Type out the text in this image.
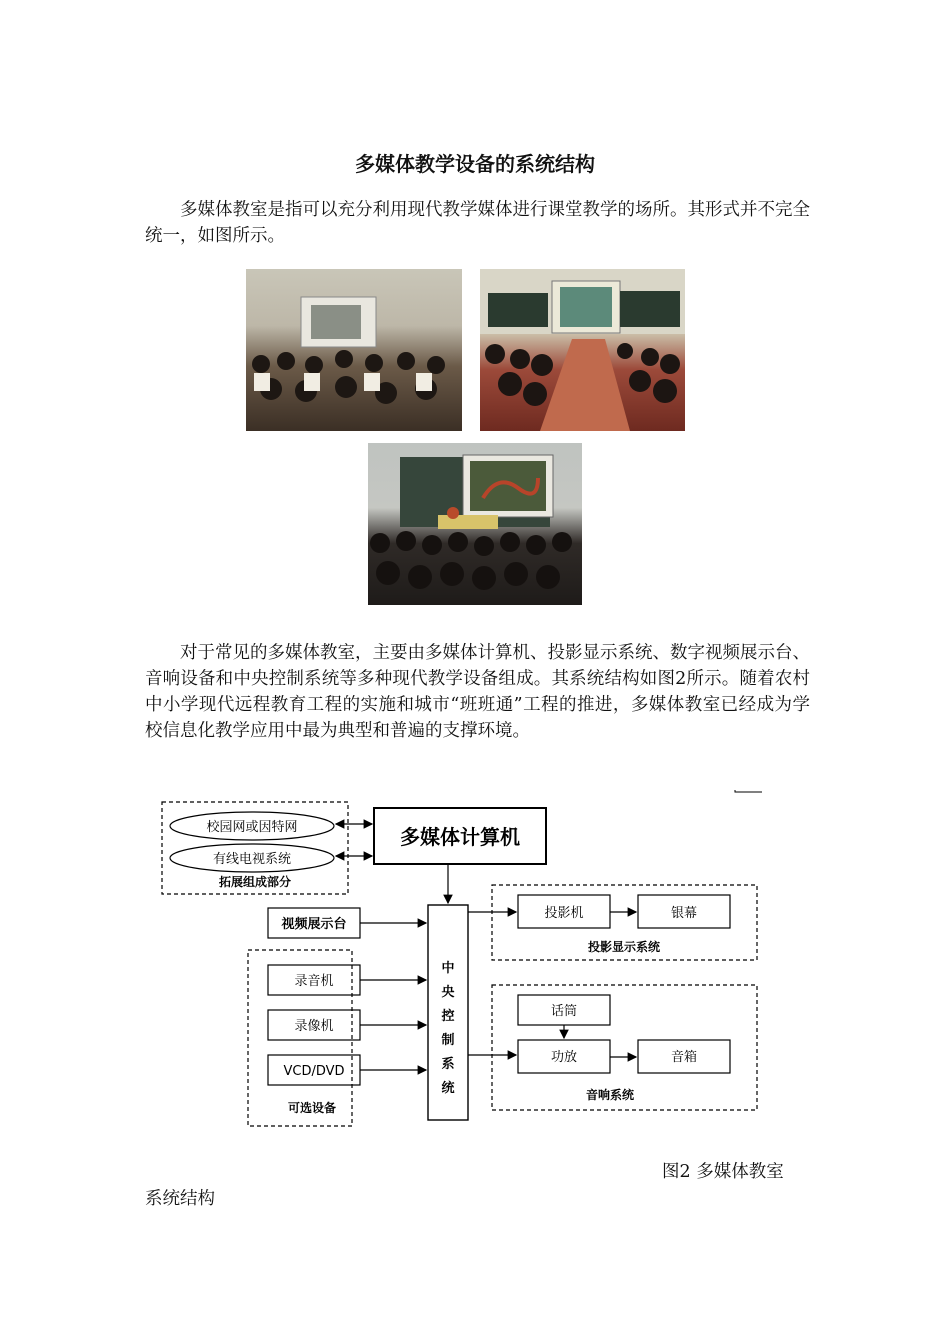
多媒体教学设备的系统结构
多媒体教室是指可以充分利用现代教学媒体进行课堂教学的场所。其形式并不完全统一，如图所示。
对于常见的多媒体教室，主要由多媒体计算机、投影显示系统、数字视频展示台、音响设备和中央控制系统等多种现代教学设备组成。其系统结构如图2所示。随着农村中小学现代远程教育工程的实施和城市“班班通”工程的推进，多媒体教室已经成为学校信息化教学应用中最为典型和普遍的支撑环境。
校园网或因特网
有线电视系统
拓展组成部分
多媒体计算机
视频展示台
录音机
录像机
VCD/DVD
可选设备
中
央
控
制
系
统
投影机	银幕
投影显示系统
话筒
功放	音箱
音响系统
图2 多媒体教室
系统结构
